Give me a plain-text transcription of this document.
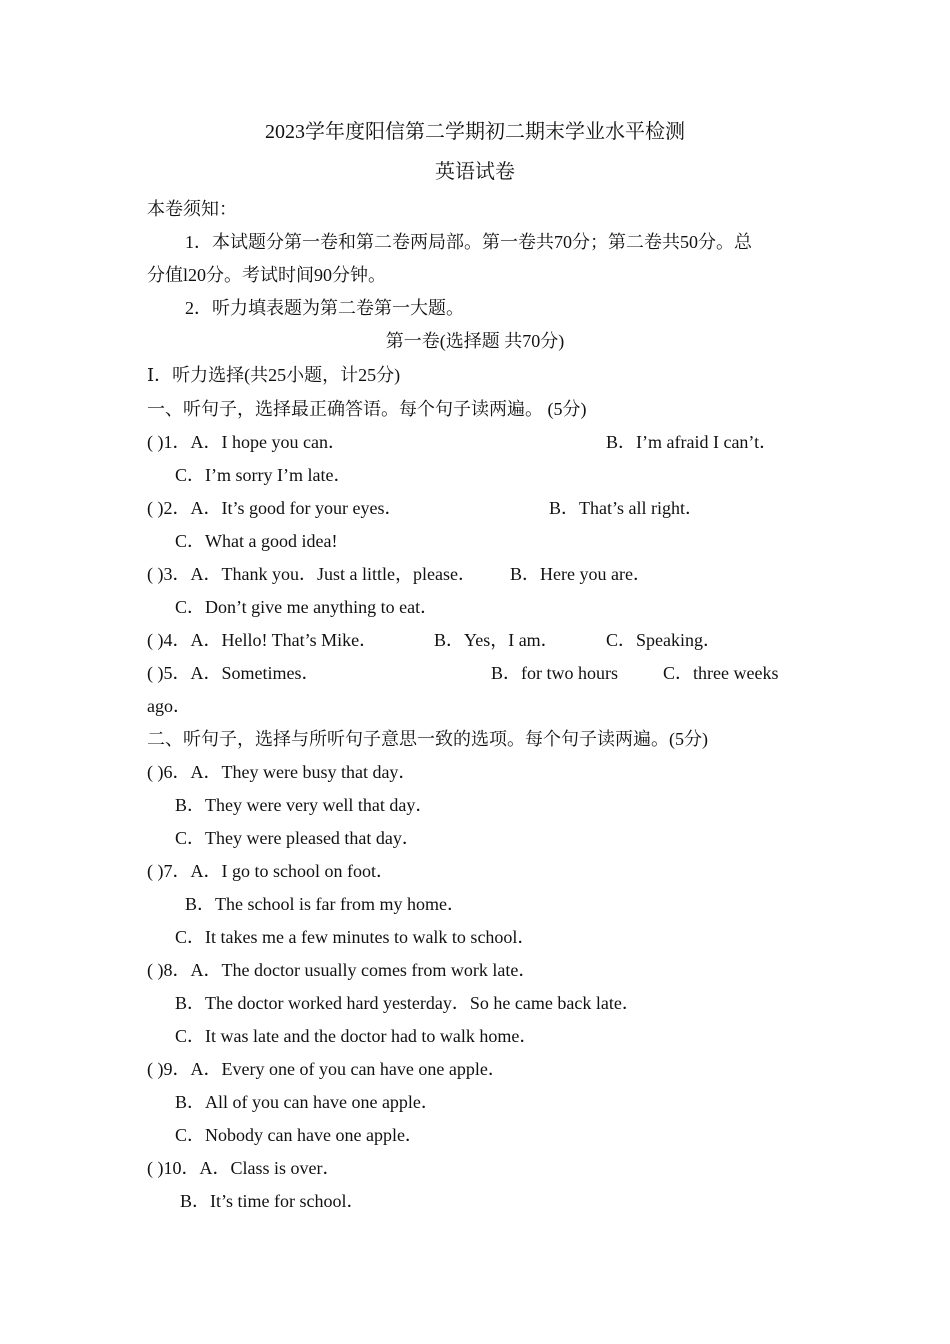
2023学年度阳信第二学期初二期末学业水平检测
英语试卷
本卷须知：
1．本试题分第一卷和第二卷两局部。第一卷共70分；第二卷共50分。总
分值l20分。考试时间90分钟。
2．听力填表题为第二卷第一大题。
第一卷(选择题 共70分)
Ⅰ．听力选择(共25小题，计25分)
一、听句子，选择最正确答语。每个句子读两遍。 (5分)
( )1．A．I hope you can．	B．I’m afraid I can’t．
C．I’m sorry I’m late．
( )2．A．It’s good for your eyes．	B．That’s all right．
C．What a good idea!
( )3．A．Thank you．Just a little，please． B．Here you are．
C．Don’t give me anything to eat．
( )4．A．Hello! That’s Mike．	B．Yes，I am．	C．Speaking．
( )5．A．Sometimes．	B．for two hours	C．three weeks
ago．
二、听句子，选择与所听句子意思一致的选项。每个句子读两遍。(5分)
( )6．A．They were busy that day．
B．They were very well that day．
C．They were pleased that day．
( )7．A．I go to school on foot．
B．The school is far from my home．
C．It takes me a few minutes to walk to school．
( )8．A．The doctor usually comes from work late．
B．The doctor worked hard yesterday．So he came back late．
C．It was late and the doctor had to walk home．
( )9．A．Every one of you can have one apple．
B．All of you can have one apple．
C．Nobody can have one apple．
( )10．A．Class is over．
B．It’s time for school．
